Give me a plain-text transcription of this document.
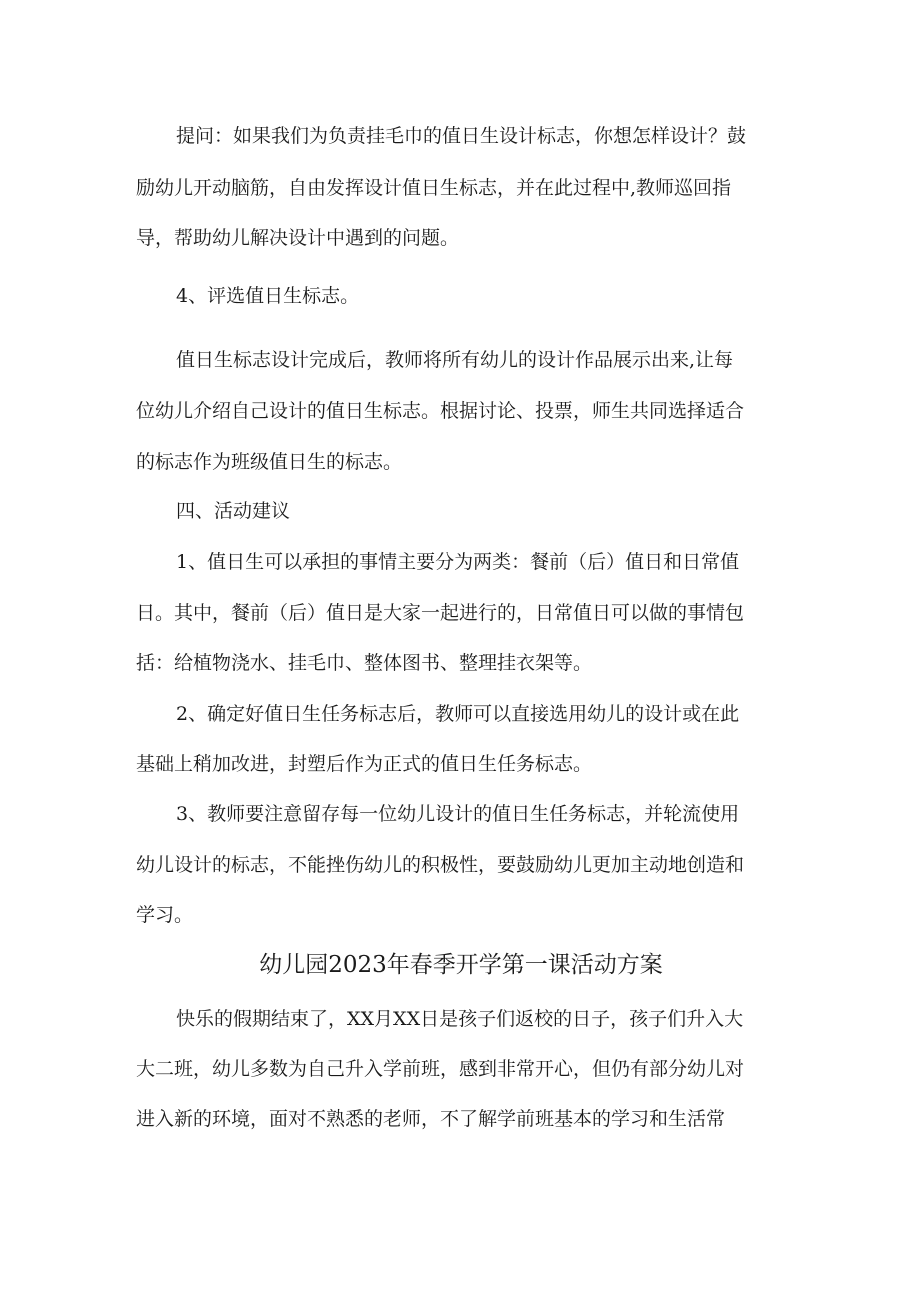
提问：如果我们为负责挂毛巾的值日生设计标志，你想怎样设计？鼓
励幼儿开动脑筋，自由发挥设计值日生标志，并在此过程中,教师巡回指
导，帮助幼儿解决设计中遇到的问题。
4、评选值日生标志。
值日生标志设计完成后，教师将所有幼儿的设计作品展示出来,让每
位幼儿介绍自己设计的值日生标志。根据讨论、投票，师生共同选择适合
的标志作为班级值日生的标志。
四、活动建议
1、值日生可以承担的事情主要分为两类：餐前（后）值日和日常值
日。其中，餐前（后）值日是大家一起进行的，日常值日可以做的事情包
括：给植物浇水、挂毛巾、整体图书、整理挂衣架等。
2、确定好值日生任务标志后，教师可以直接选用幼儿的设计或在此
基础上稍加改进，封塑后作为正式的值日生任务标志。
3、教师要注意留存每一位幼儿设计的值日生任务标志，并轮流使用
幼儿设计的标志，不能挫伤幼儿的积极性，要鼓励幼儿更加主动地创造和
学习。
幼儿园2023年春季开学第一课活动方案
快乐的假期结束了，XX月XX日是孩子们返校的日子，孩子们升入大
大二班，幼儿多数为自己升入学前班，感到非常开心，但仍有部分幼儿对
进入新的环境，面对不熟悉的老师，不了解学前班基本的学习和生活常
